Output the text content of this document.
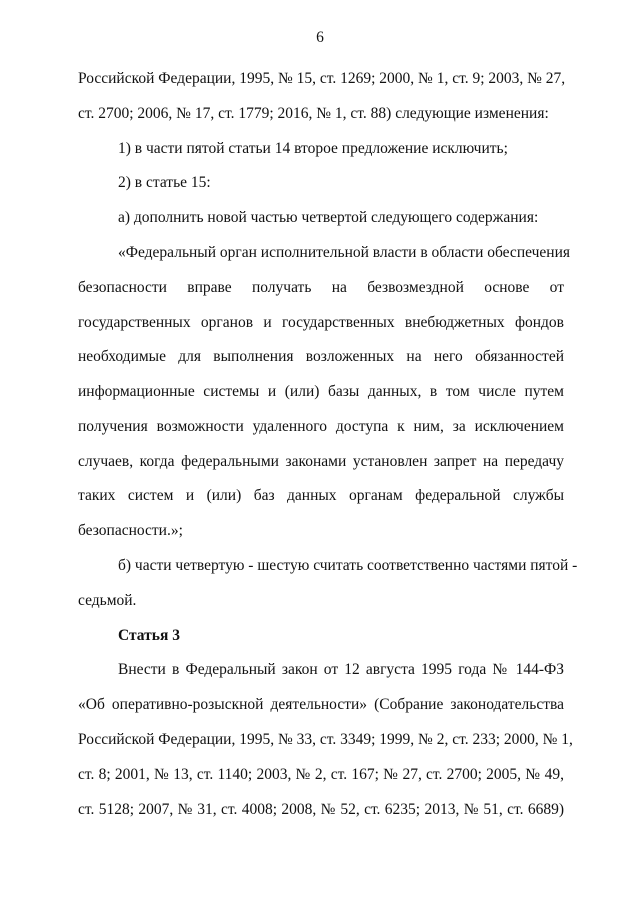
6
Российской Федерации, 1995, № 15, ст. 1269; 2000, № 1, ст. 9; 2003, № 27,
ст. 2700; 2006, № 17, ст. 1779; 2016, № 1, ст. 88) следующие изменения:
1) в части пятой статьи 14 второе предложение исключить;
2) в статье 15:
а) дополнить новой частью четвертой следующего содержания:
«Федеральный орган исполнительной власти в области обеспечения
безопасности вправе получать на безвозмездной основе от
государственных органов и государственных внебюджетных фондов
необходимые для выполнения возложенных на него обязанностей
информационные системы и (или) базы данных, в том числе путем
получения возможности удаленного доступа к ним, за исключением
случаев, когда федеральными законами установлен запрет на передачу
таких систем и (или) баз данных органам федеральной службы
безопасности.»;
б) части четвертую - шестую считать соответственно частями пятой -
седьмой.
Статья 3
Внести в Федеральный закон от 12 августа 1995 года № 144-ФЗ
«Об оперативно-розыскной деятельности» (Собрание законодательства
Российской Федерации, 1995, № 33, ст. 3349; 1999, № 2, ст. 233; 2000, № 1,
ст. 8; 2001, № 13, ст. 1140; 2003, № 2, ст. 167; № 27, ст. 2700; 2005, № 49,
ст. 5128; 2007, № 31, ст. 4008; 2008, № 52, ст. 6235; 2013, № 51, ст. 6689)
